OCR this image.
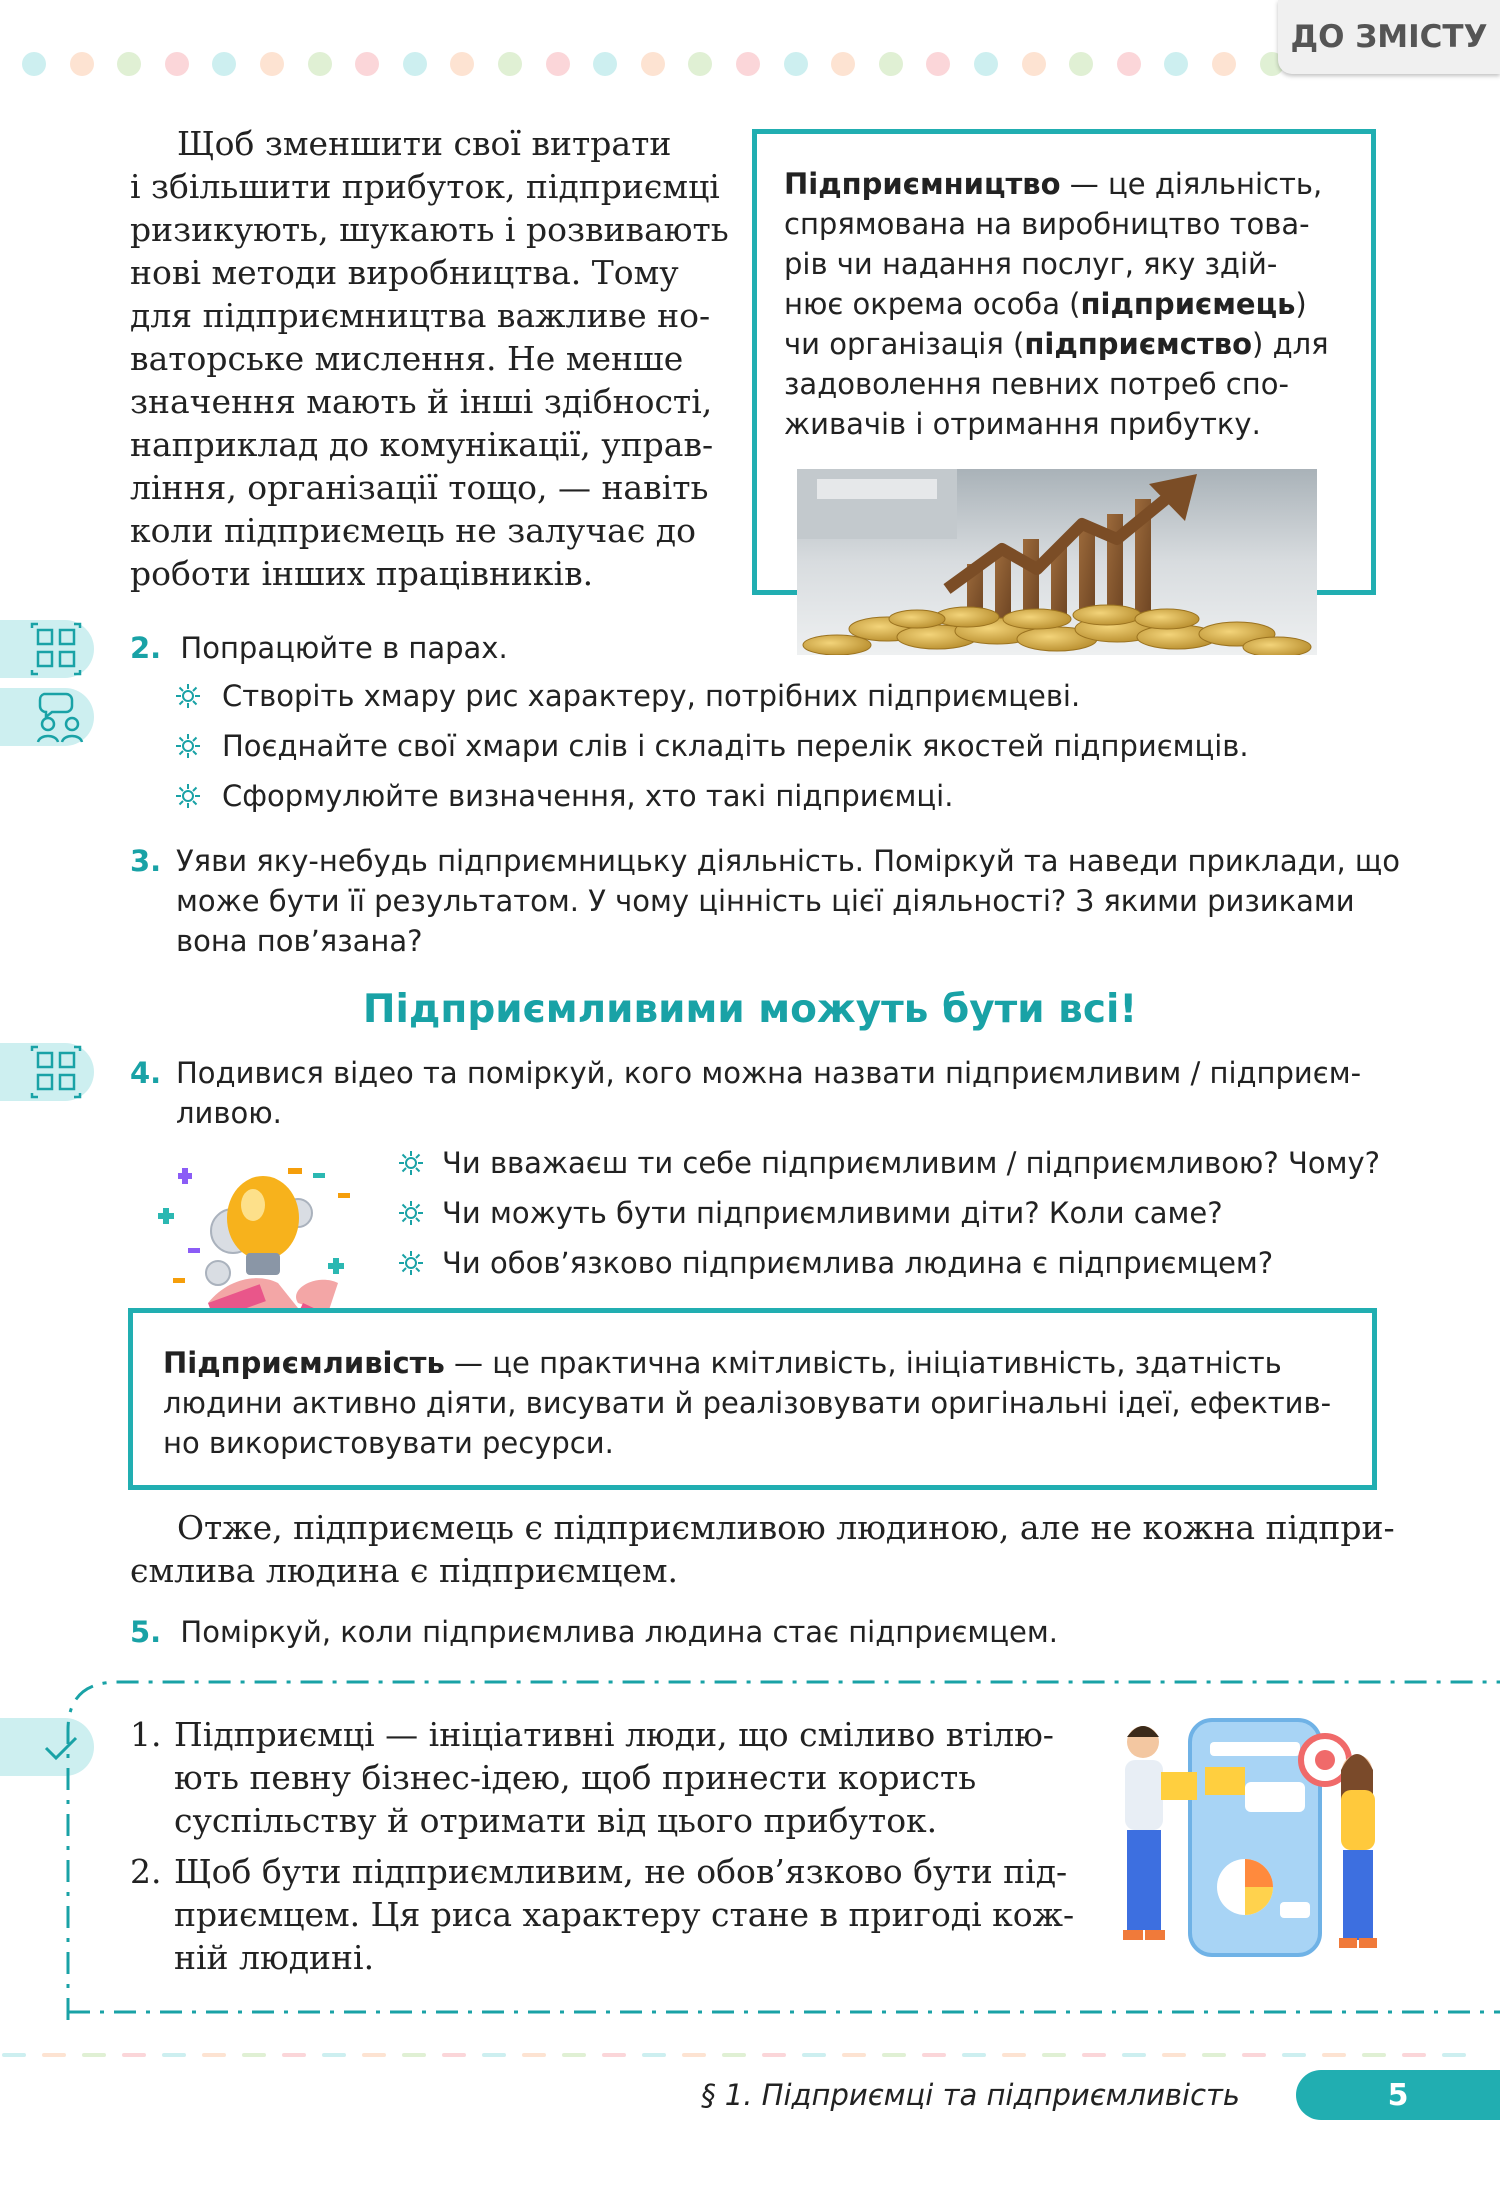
ДО ЗМІСТУ
Щоб зменшити свої витрати
і збільшити прибуток, підприємці
ризикують, шукають і розвивають
нові методи виробництва. Тому
для підприємництва важливе но-
ваторське мислення. Не менше
значення мають й інші здібності,
наприклад до комунікації, управ-
ління, організації тощо, — навіть
коли підприємець не залучає до
роботи інших працівників.
Підприємництво — це діяльність,
спрямована на виробництво това-
рів чи надання послуг, яку здій-
нює окрема особа (підприємець)
чи організація (підприємство) для
задоволення певних потреб спо-
живачів і отримання прибутку.
2. Попрацюйте в парах.
Створіть хмару рис характеру, потрібних підприємцеві.
Поєднайте свої хмари слів і складіть перелік якостей підприємців.
Сформулюйте визначення, хто такі підприємці.
3. Уяви яку-небудь підприємницьку діяльність. Поміркуй та наведи приклади, що
може бути її результатом. У чому цінність цієї діяльності? З якими ризиками
вона пов’язана?
Підприємливими можуть бути всі!
4. Подивися відео та поміркуй, кого можна назвати підприємливим / підприєм-
ливою.
Чи вважаєш ти себе підприємливим / підприємливою? Чому?
Чи можуть бути підприємливими діти? Коли саме?
Чи обов’язково підприємлива людина є підприємцем?
Підприємливість — це практична кмітливість, ініціативність, здатність
людини активно діяти, висувати й реалізовувати оригінальні ідеї, ефектив-
но використовувати ресурси.
Отже, підприємець є підприємливою людиною, але не кожна підпри-
ємлива людина є підприємцем.
5. Поміркуй, коли підприємлива людина стає підприємцем.
1. Підприємці — ініціативні люди, що сміливо втілю-
ють певну бізнес-ідею, щоб принести користь
суспільству й отримати від цього прибуток.
2. Щоб бути підприємливим, не обов’язково бути під-
приємцем. Ця риса характеру стане в пригоді кож-
ній людині.
§ 1. Підприємці та підприємливість	5
